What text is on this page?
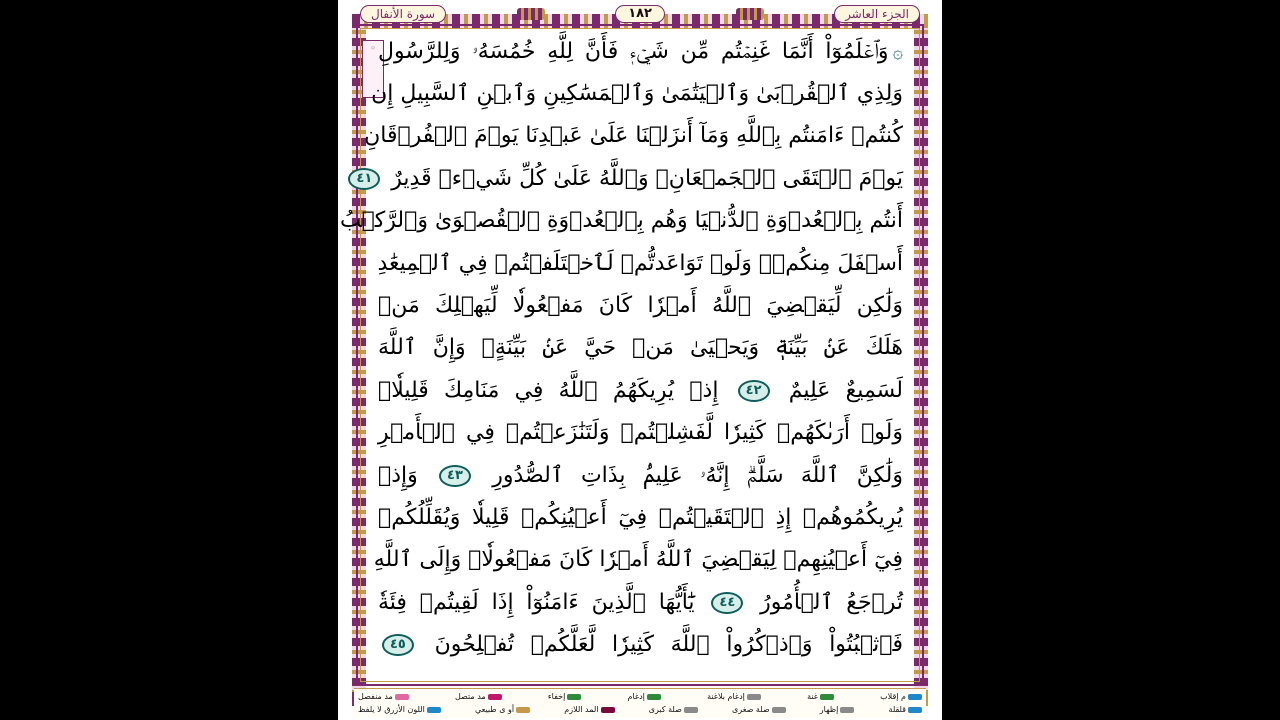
الجزء العاشر
١٨٢
سورة الأنفال
۞	۞وَٱعۡلَمُوٓاْ أَنَّمَا غَنِمۡتُم مِّن شَيۡءٖ فَأَنَّ لِلَّهِ خُمُسَهُۥ وَلِلرَّسُولِ
وَلِذِي ٱلۡقُرۡبَىٰ وَٱلۡيَتَٰمَىٰ وَٱلۡمَسَٰكِينِ وَٱبۡنِ ٱلسَّبِيلِ إِن
كُنتُمۡ ءَامَنتُم بِٱللَّهِ وَمَآ أَنزَلۡنَا عَلَىٰ عَبۡدِنَا يَوۡمَ ٱلۡفُرۡقَانِ
يَوۡمَ ٱلۡتَقَى ٱلۡجَمۡعَانِۗ وَٱللَّهُ عَلَىٰ كُلِّ شَيۡءٖ قَدِيرٌ ٤١ إِذۡ
أَنتُم بِٱلۡعُدۡوَةِ ٱلدُّنۡيَا وَهُم بِٱلۡعُدۡوَةِ ٱلۡقُصۡوَىٰ وَٱلرَّكۡبُ
أَسۡفَلَ مِنكُمۡۚ وَلَوۡ تَوَاعَدتُّمۡ لَٱخۡتَلَفۡتُمۡ فِي ٱلۡمِيعَٰدِ
وَلَٰكِن لِّيَقۡضِيَ ٱللَّهُ أَمۡرٗا كَانَ مَفۡعُولٗا لِّيَهۡلِكَ مَنۡ
هَلَكَ عَنۢ بَيِّنَةٖ وَيَحۡيَىٰ مَنۡ حَيَّ عَنۢ بَيِّنَةٍۗ وَإِنَّ ٱللَّهَ
لَسَمِيعٌ عَلِيمٌ ٤٢ إِذۡ يُرِيكَهُمُ ٱللَّهُ فِي مَنَامِكَ قَلِيلٗاۖ
وَلَوۡ أَرَىٰكَهُمۡ كَثِيرٗا لَّفَشِلۡتُمۡ وَلَتَنَٰزَعۡتُمۡ فِي ٱلۡأَمۡرِ
وَلَٰكِنَّ ٱللَّهَ سَلَّمَۗ إِنَّهُۥ عَلِيمُۢ بِذَاتِ ٱلصُّدُورِ ٤٣ وَإِذۡ
يُرِيكُمُوهُمۡ إِذِ ٱلۡتَقَيۡتُمۡ فِيٓ أَعۡيُنِكُمۡ قَلِيلٗا وَيُقَلِّلُكُمۡ
فِيٓ أَعۡيُنِهِمۡ لِيَقۡضِيَ ٱللَّهُ أَمۡرٗا كَانَ مَفۡعُولٗاۗ وَإِلَى ٱللَّهِ
تُرۡجَعُ ٱلۡأُمُورُ ٤٤ يَٰٓأَيُّهَا ٱلَّذِينَ ءَامَنُوٓاْ إِذَا لَقِيتُمۡ فِئَةٗ
فَٱثۡبُتُواْ وَٱذۡكُرُواْ ٱللَّهَ كَثِيرٗا لَّعَلَّكُمۡ تُفۡلِحُونَ ٤٥
م إقلاب
غنة
إدغام بلاغنة
إدغام
إخفاء
مد متصل
مد منفصل
قلقلة
إظهار
صلة صغرى
صلة كبرى
المد اللازم
أو ى طبيعي
اللون الأزرق لا يلفظ
